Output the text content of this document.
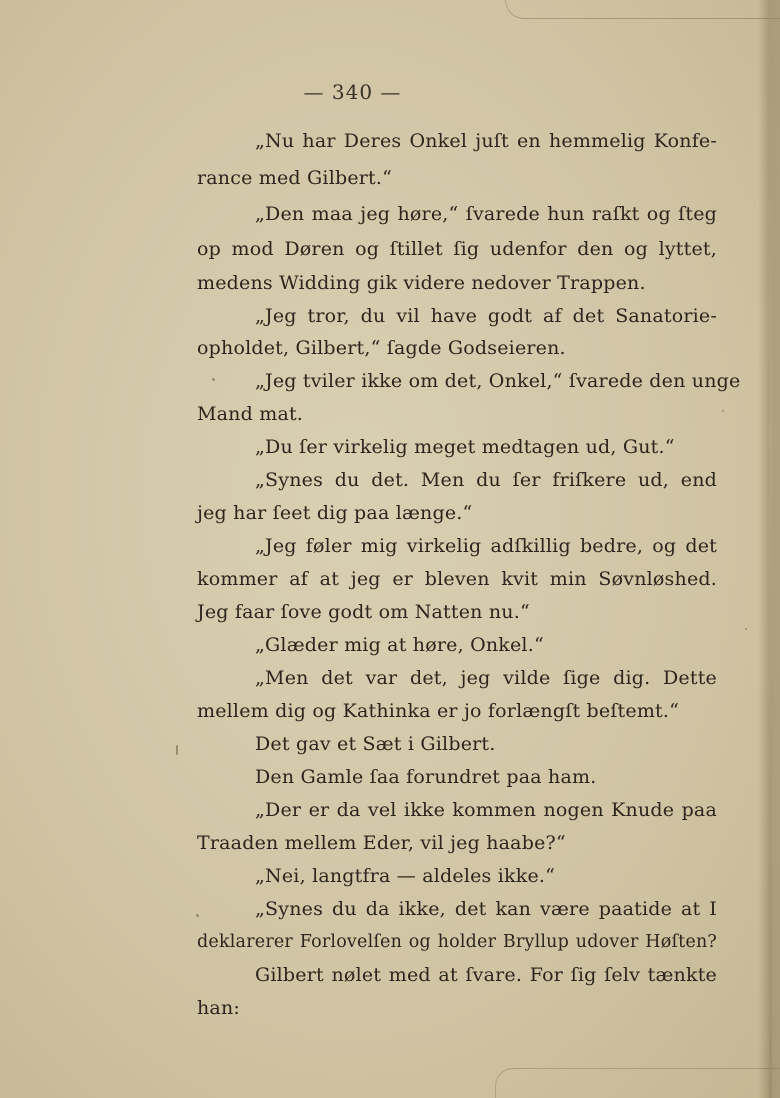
— 340 —
„Nu har Deres Onkel juſt en hemmelig Konfe-
rance med Gilbert.“
„Den maa jeg høre,“ ſvarede hun raſkt og ſteg
op mod Døren og ſtillet ſig udenfor den og lyttet,
medens Widding gik videre nedover Trappen.
„Jeg tror, du vil have godt af det Sanatorie-
opholdet, Gilbert,“ ſagde Godseieren.
„Jeg tviler ikke om det, Onkel,“ ſvarede den unge
Mand mat.
„Du ſer virkelig meget medtagen ud, Gut.“
„Synes du det. Men du ſer friſkere ud, end
jeg har ſeet dig paa længe.“
„Jeg føler mig virkelig adſkillig bedre, og det
kommer af at jeg er bleven kvit min Søvnløshed.
Jeg faar ſove godt om Natten nu.“
„Glæder mig at høre, Onkel.“
„Men det var det, jeg vilde ſige dig. Dette
mellem dig og Kathinka er jo forlængſt beſtemt.“
Det gav et Sæt i Gilbert.
Den Gamle ſaa forundret paa ham.
„Der er da vel ikke kommen nogen Knude paa
Traaden mellem Eder, vil jeg haabe?“
„Nei, langtfra — aldeles ikke.“
„Synes du da ikke, det kan være paatide at I
deklarerer Forlovelſen og holder Bryllup udover Høſten?
Gilbert nølet med at ſvare. For ſig ſelv tænkte
han:
